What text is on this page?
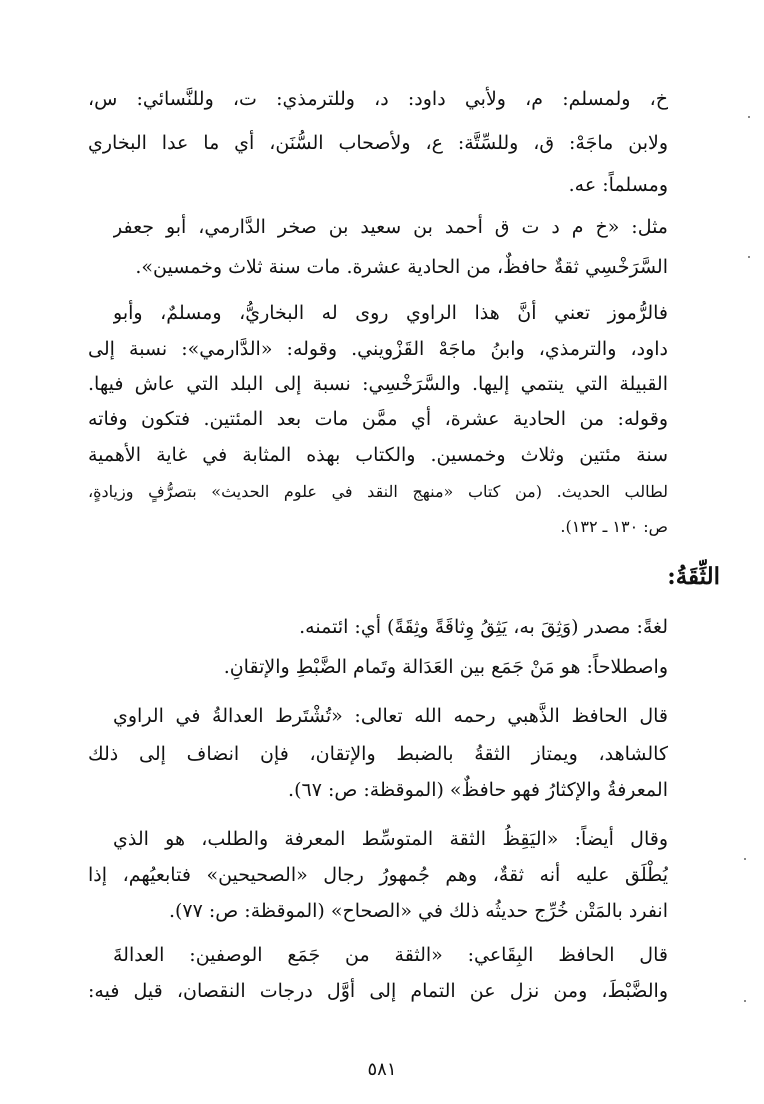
خ، ولمسلم: م، ولأبي داود: د، وللترمذي: ت، وللنَّسائي: س،
ولابن ماجَهْ: ق، وللسِّتَّة: ع، ولأصحاب السُّنَن، أي ما عدا البخاري
ومسلماً: عه.
مثل: «خ م د ت ق أحمد بن سعيد بن صخر الدَّارمي، أبو جعفر
السَّرَخْسِي ثقةٌ حافظٌ، من الحادية عشرة. مات سنة ثلاث وخمسين».
فالرُّموز تعني أنَّ هذا الراوي روى له البخاريُّ، ومسلمٌ، وأبو
داود، والترمذي، وابنُ ماجَهْ القَزْويني. وقوله: «الدَّارمي»: نسبة إلى
القبيلة التي ينتمي إليها. والسَّرَخْسِي: نسبة إلى البلد التي عاش فيها.
وقوله: من الحادية عشرة، أي ممَّن مات بعد المئتين. فتكون وفاته
سنة مئتين وثلاث وخمسين. والكتاب بهذه المثابة في غاية الأهمية
لطالب الحديث. (من كتاب «منهج النقد في علوم الحديث» بتصرُّفٍ وزيادةٍ،
ص: ١٣٠ ـ ١٣٢).
الثِّقَةُ:
لغةً: مصدر (وَثِقَ به، يَثِقُ وِثاقَةً وثِقَةً) أي: ائتمنه.
واصطلاحاً: هو مَنْ جَمَع بين العَدَالة وتَمام الضَّبْطِ والإتقانِ.
قال الحافظ الذَّهبي رحمه الله تعالى: «تُشْتَرط العدالةُ في الراوي
كالشاهد، ويمتاز الثقةُ بالضبط والإتقان، فإن انضاف إلى ذلك
المعرفةُ والإكثارُ فهو حافظٌ» (الموقظة: ص: ٦٧).
وقال أيضاً: «اليَقِظُ الثقة المتوسِّط المعرفة والطلب، هو الذي
يُطْلَق عليه أنه ثقةٌ، وهم جُمهورُ رجال «الصحيحين» فتابعيُهم، إذا
انفرد بالمَتْن خُرِّج حديثُه ذلك في «الصحاح» (الموقظة: ص: ٧٧).
قال الحافظ البِقَاعي: «الثقة من جَمَع الوصفين: العدالةَ
والضَّبْطَ، ومن نزل عن التمام إلى أوَّل درجات النقصان، قيل فيه:
٥٨١
